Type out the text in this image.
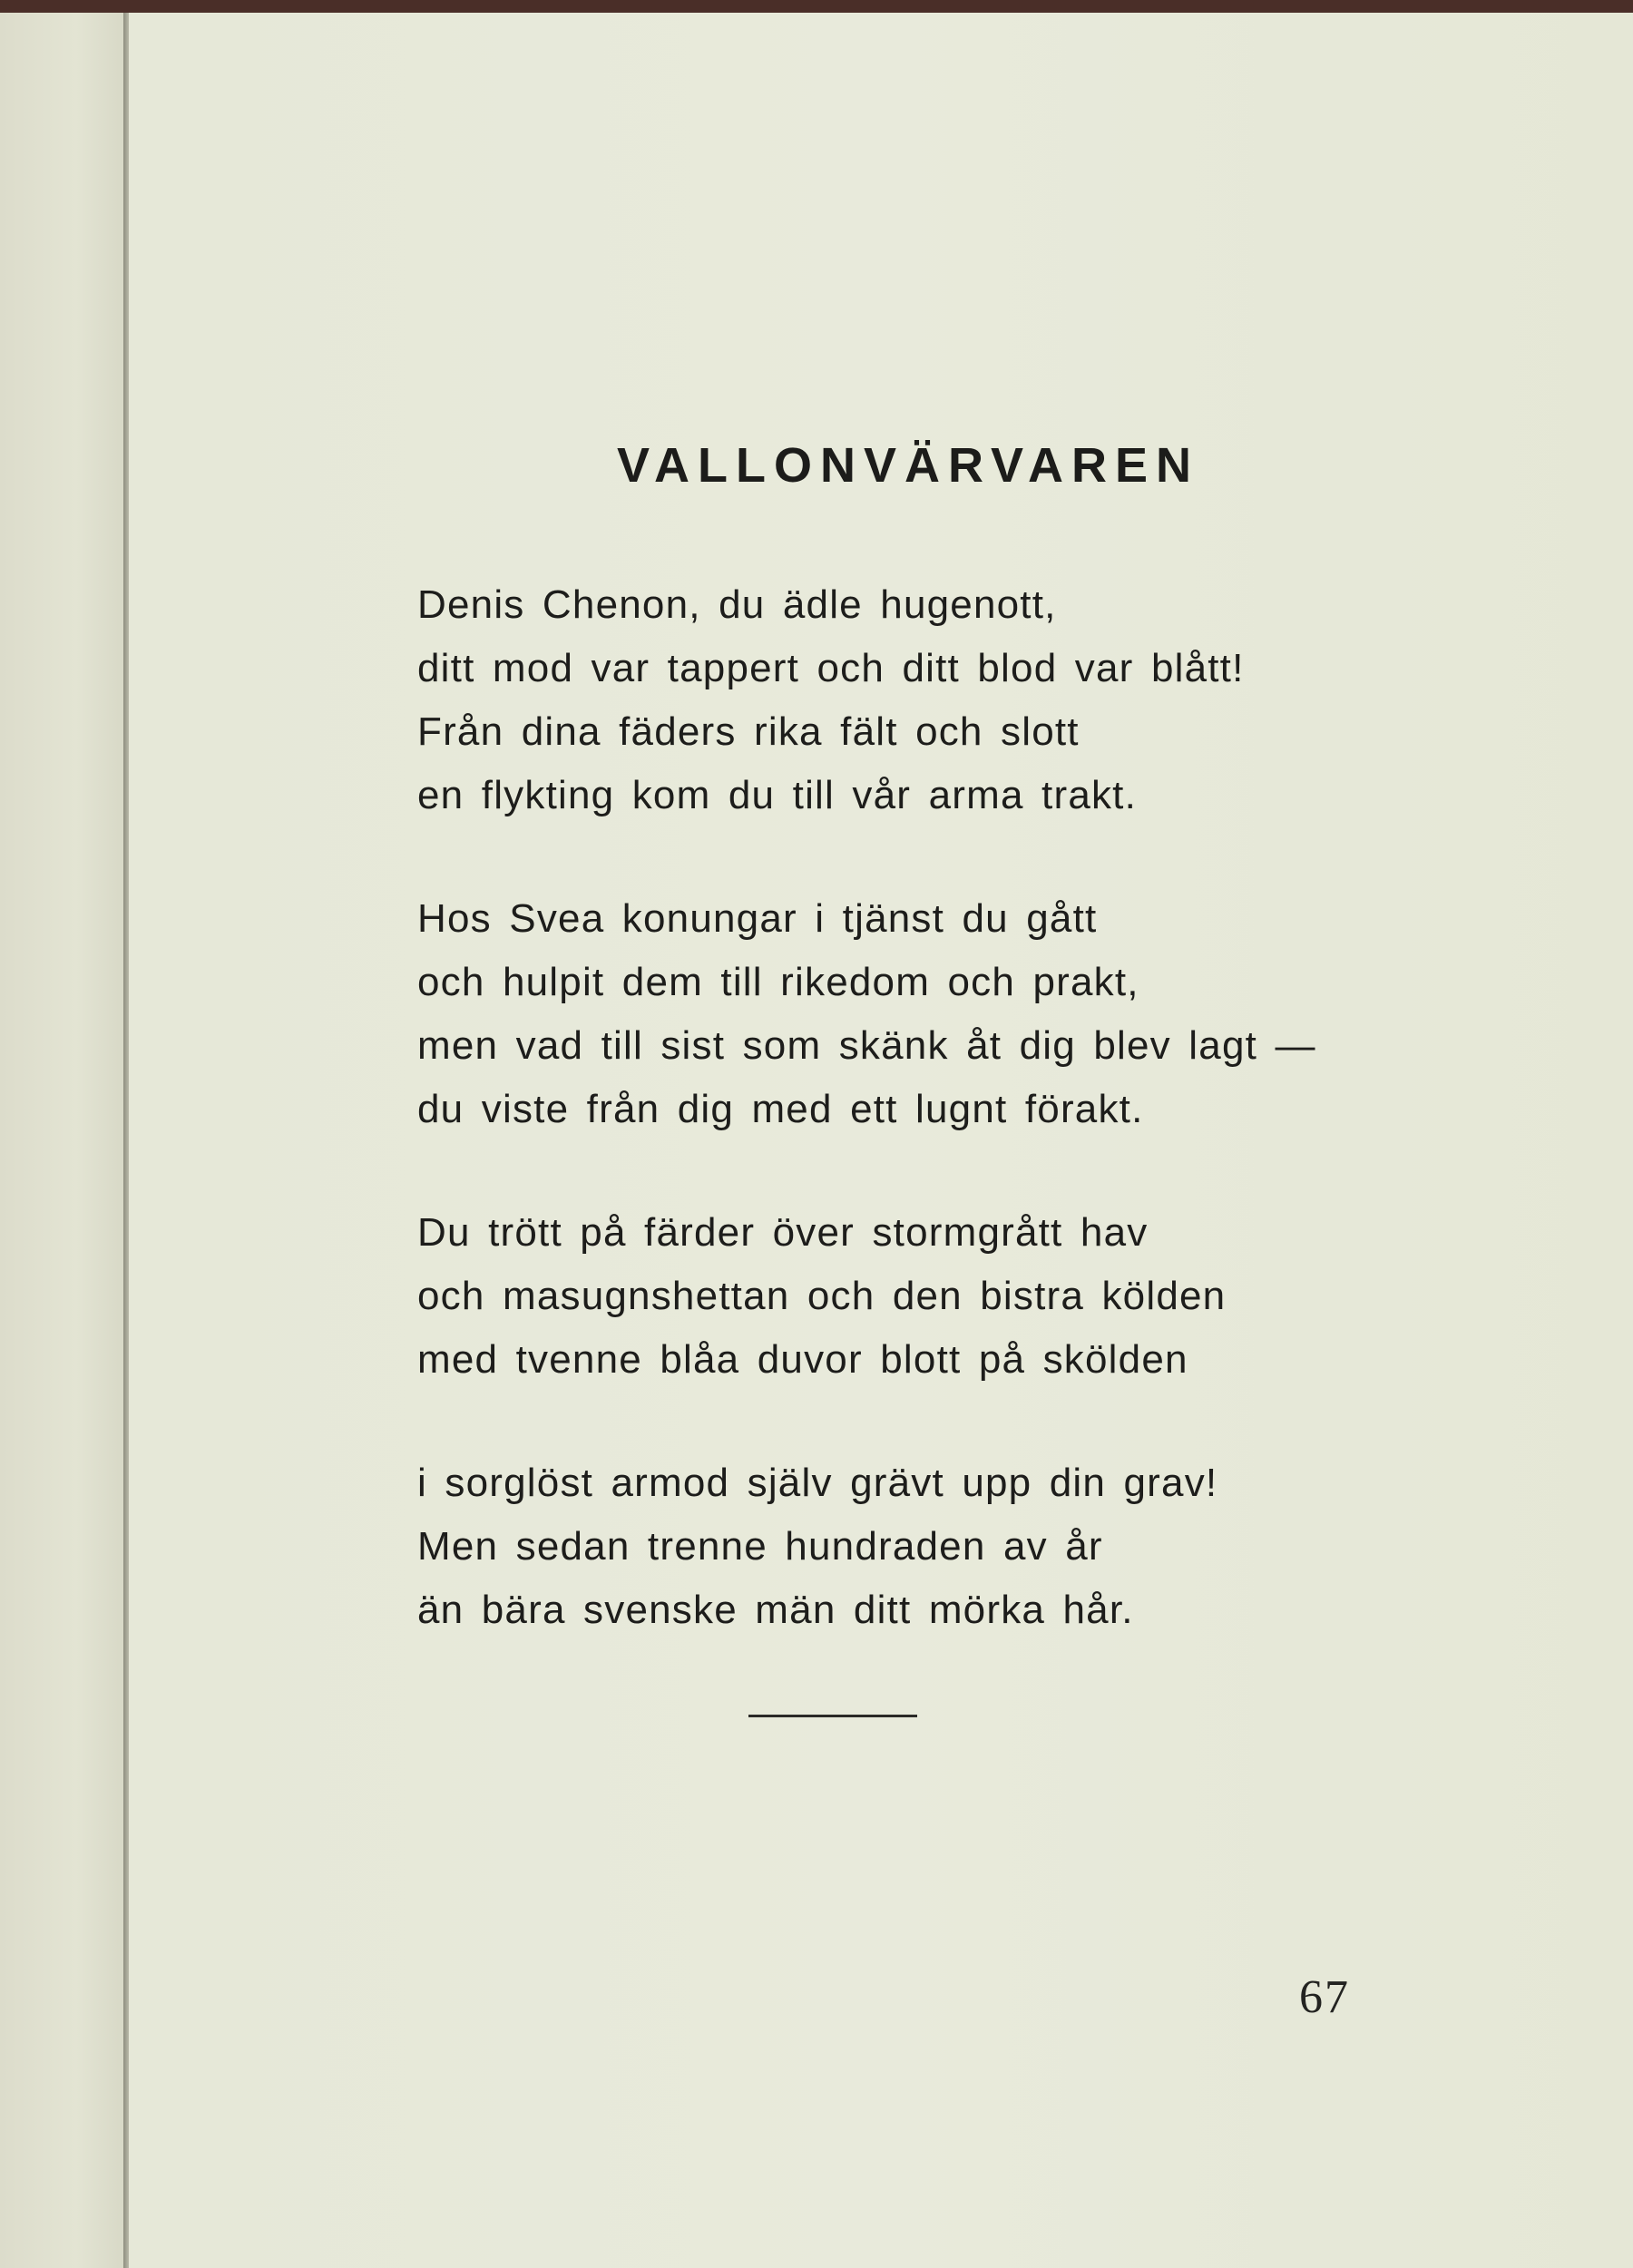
VALLONVÄRVAREN
Denis Chenon, du ädle hugenott,
ditt mod var tappert och ditt blod var blått!
Från dina fäders rika fält och slott
en flykting kom du till vår arma trakt.
Hos Svea konungar i tjänst du gått
och hulpit dem till rikedom och prakt,
men vad till sist som skänk åt dig blev lagt —
du viste från dig med ett lugnt förakt.
Du trött på färder över stormgrått hav
och masugnshettan och den bistra kölden
med tvenne blåa duvor blott på skölden
i sorglöst armod själv grävt upp din grav!
Men sedan trenne hundraden av år
än bära svenske män ditt mörka hår.
67
